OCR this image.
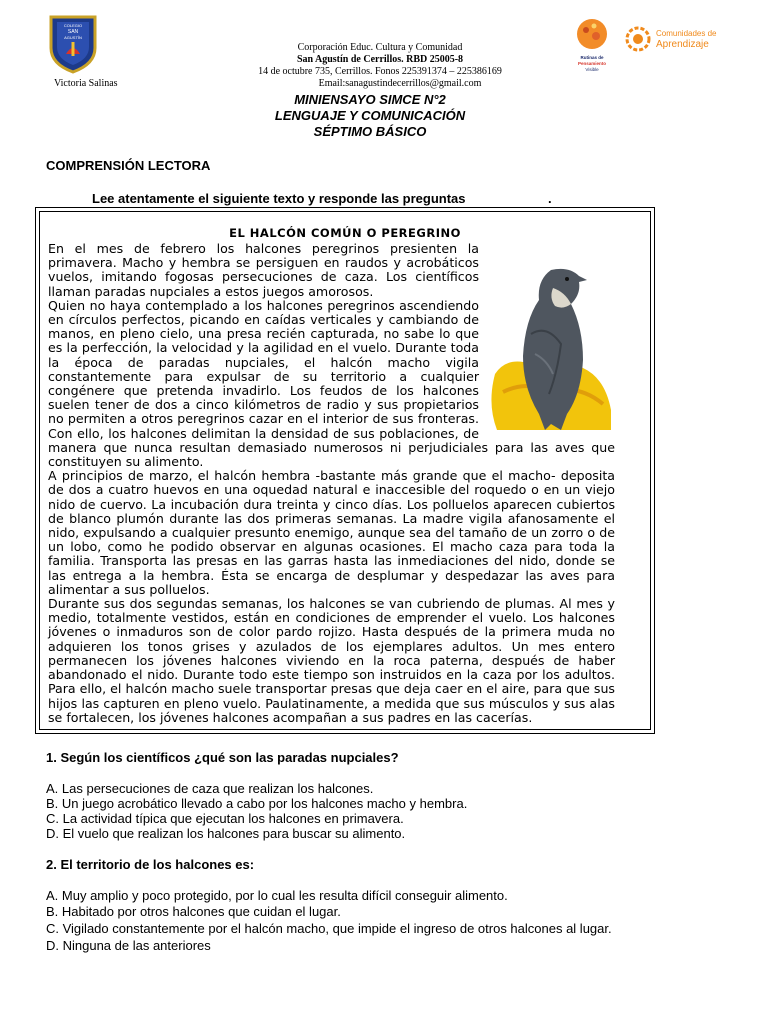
COLEGIO
SAN
AGUSTÍN
Victoria Salinas
Corporación Educ. Cultura y Comunidad
San Agustín de Cerrillos. RBD 25005-8
14 de octubre 735, Cerrillos. Fonos 225391374 – 225386169
Email:sanagustindecerrillos@gmail.com
Rutinas de
Pensamiento
Visible
Comunidades de
Aprendizaje
MINIENSAYO SIMCE N°2
LENGUAJE Y COMUNICACIÓN
SÉPTIMO BÁSICO
COMPRENSIÓN LECTORA
Lee atentamente el siguiente texto y responde las preguntas	.
EL HALCÓN COMÚN O PEREGRINO

En el mes de febrero los halcones peregrinos presienten la primavera. Macho y hembra se persiguen en raudos y acrobáticos vuelos, imitando fogosas persecuciones de caza. Los científicos llaman paradas nupciales a estos juegos amorosos.

Quien no haya contemplado a los halcones peregrinos ascendiendo en círculos perfectos, picando en caídas verticales y cambiando de manos, en pleno cielo, una presa recién capturada, no sabe lo que es la perfección, la velocidad y la agilidad en el vuelo. Durante toda la época de paradas nupciales, el halcón macho vigila constantemente para expulsar de su territorio a cualquier congénere que pretenda invadirlo. Los feudos de los halcones suelen tener de dos a cinco kilómetros de radio y sus propietarios no permiten a otros peregrinos cazar en el interior de sus fronteras. Con ello, los halcones delimitan la densidad de sus poblaciones, de manera que nunca resultan demasiado numerosos ni perjudiciales para las aves que constituyen su alimento.

A principios de marzo, el halcón hembra -bastante más grande que el macho- deposita de dos a cuatro huevos en una oquedad natural e inaccesible del roquedo o en un viejo nido de cuervo. La incubación dura treinta y cinco días. Los polluelos aparecen cubiertos de blanco plumón durante las dos primeras semanas. La madre vigila afanosamente el nido, expulsando a cualquier presunto enemigo, aunque sea del tamaño de un zorro o de un lobo, como he podido observar en algunas ocasiones. El macho caza para toda la familia. Transporta las presas en las garras hasta las inmediaciones del nido, donde se las entrega a la hembra. Ésta se encarga de desplumar y despedazar las aves para alimentar a sus polluelos.

Durante sus dos segundas semanas, los halcones se van cubriendo de plumas. Al mes y medio, totalmente vestidos, están en condiciones de emprender el vuelo. Los halcones jóvenes o inmaduros son de color pardo rojizo. Hasta después de la primera muda no adquieren los tonos grises y azulados de los ejemplares adultos. Un mes entero permanecen los jóvenes halcones viviendo en la roca paterna, después de haber abandonado el nido. Durante todo este tiempo son instruidos en la caza por los adultos. Para ello, el halcón macho suele transportar presas que deja caer en el aire, para que sus hijos las capturen en pleno vuelo. Paulatinamente, a medida que sus músculos y sus alas se fortalecen, los jóvenes halcones acompañan a sus padres en las cacerías.

1. Según los científicos ¿qué son las paradas nupciales?
A. Las persecuciones de caza que realizan los halcones.
B. Un juego acrobático llevado a cabo por los halcones macho y hembra.
C. La actividad típica que ejecutan los halcones en primavera.
D. El vuelo que realizan los halcones para buscar su alimento.
2. El territorio de los halcones es:
A. Muy amplio y poco protegido, por lo cual les resulta difícil conseguir alimento.
B. Habitado por otros halcones que cuidan el lugar.
C. Vigilado constantemente por el halcón macho, que impide el ingreso de otros halcones al lugar.
D. Ninguna de las anteriores
